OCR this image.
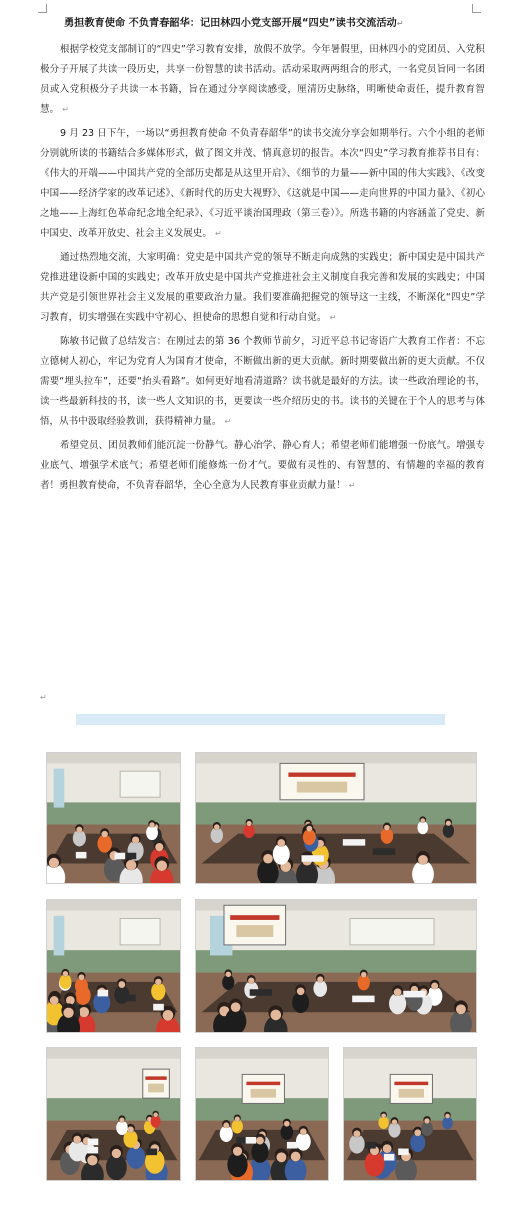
勇担教育使命 不负青春韶华：记田林四小党支部开展“四史”读书交流活动↵

根据学校党支部制订的“四史”学习教育安排，放假不放学。今年暑假里，田林四小的党团员、入党积极分子开展了共读一段历史，共享一份智慧的读书活动。活动采取两两组合的形式，一名党员旨同一名团员或入党积极分子共读一本书籍，旨在通过分享阅读感受，厘清历史脉络，明晰使命责任，提升教育智慧。 ↵

9 月 23 日下午，一场以“勇担教育使命 不负青春韶华”的读书交流分享会如期举行。六个小组的老师分别就所读的书籍结合多媒体形式，做了图文并茂、情真意切的报告。本次“四史”学习教育推荐书目有：《伟大的开端——中国共产党的全部历史都是从这里开启》、《细节的力量——新中国的伟大实践》、《改变中国——经济学家的改革记述》、《新时代的历史大视野》、《这就是中国——走向世界的中国力量》、《初心之地——上海红色革命纪念地全纪录》、《习近平谈治国理政（第三卷）》。所选书籍的内容涵盖了党史、新中国史、改革开放史、社会主义发展史。 ↵

通过热烈地交流，大家明确：党史是中国共产党的领导不断走向成熟的实践史；新中国史是中国共产党推进建设新中国的实践史；改革开放史是中国共产党推进社会主义制度自我完善和发展的实践史；中国共产党是引领世界社会主义发展的重要政治力量。我们要准确把握党的领导这一主线，不断深化“四史”学习教育，切实增强在实践中守初心、担使命的思想自觉和行动自觉。 ↵

陈敏书记做了总结发言：在刚过去的第 36 个教师节前夕，习近平总书记寄语广大教育工作者：不忘立德树人初心，牢记为党育人为国育才使命，不断做出新的更大贡献。新时期要做出新的更大贡献。不仅需要“埋头拉车”，还要“抬头看路”。如何更好地看清道路？读书就是最好的方法。读一些政治理论的书，读一些最新科技的书，读一些人文知识的书，更要读一些介绍历史的书。读书的关键在于个人的思考与体悟，从书中汲取经验教训，获得精神力量。 ↵

希望党员、团员教师们能沉淀一份静气。静心治学、静心育人；希望老师们能增强一份底气。增强专业底气、增强学术底气；希望老师们能修炼一份才气。要做有灵性的、有智慧的、有情趣的幸福的教育者！勇担教育使命，不负青春韶华，全心全意为人民教育事业贡献力量！ ↵

↵
